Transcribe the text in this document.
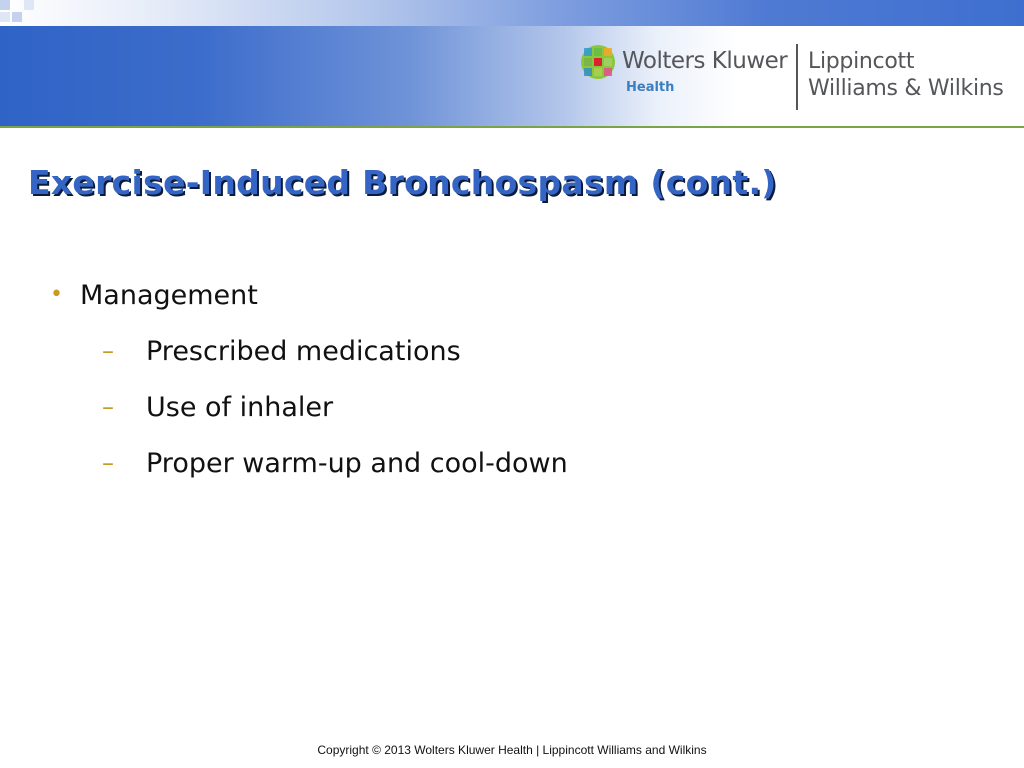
Wolters Kluwer
Health
Lippincott
Williams & Wilkins
Exercise-Induced Bronchospasm (cont.)
• Management
–	Prescribed medications
–	Use of inhaler
–	Proper warm-up and cool-down
Copyright © 2013 Wolters Kluwer Health | Lippincott Williams and Wilkins
